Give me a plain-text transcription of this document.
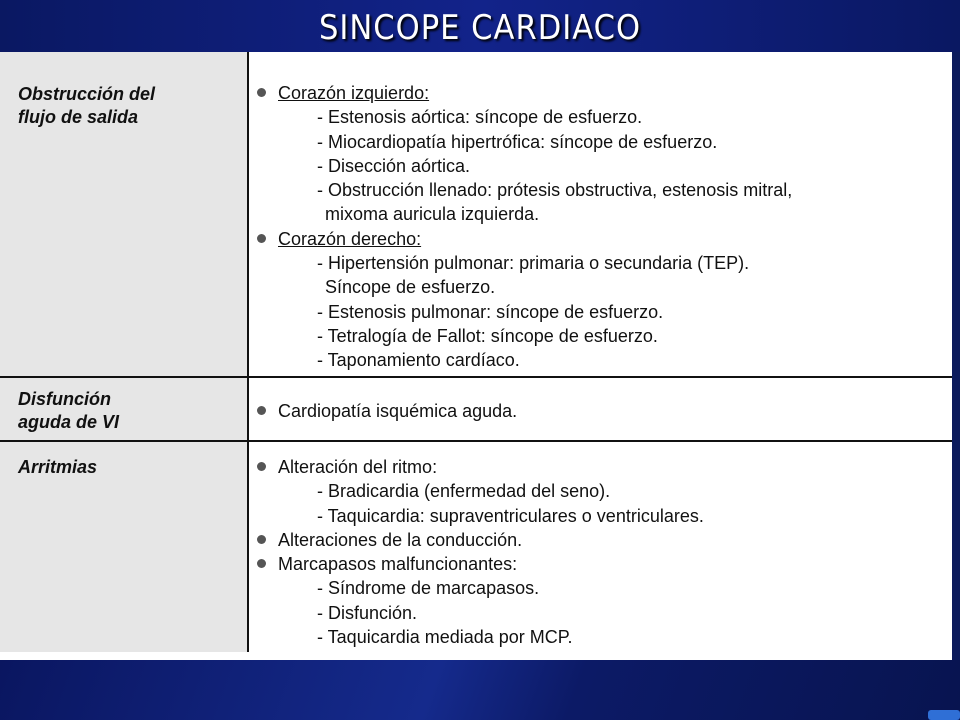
SINCOPE CARDIACO
Obstrucción del
flujo de salida
Corazón izquierdo:
- Estenosis aórtica: síncope de esfuerzo.
- Miocardiopatía hipertrófica: síncope de esfuerzo.
- Disección aórtica.
- Obstrucción llenado: prótesis obstructiva, estenosis mitral,
mixoma auricula izquierda.
Corazón derecho:
- Hipertensión pulmonar: primaria o secundaria (TEP).
Síncope de esfuerzo.
- Estenosis pulmonar: síncope de esfuerzo.
- Tetralogía de Fallot: síncope de esfuerzo.
- Taponamiento cardíaco.
Disfunción
aguda de VI
Cardiopatía isquémica aguda.
Arritmias	Alteración del ritmo:
- Bradicardia (enfermedad del seno).
- Taquicardia: supraventriculares o ventriculares.
Alteraciones de la conducción.
Marcapasos malfuncionantes:
- Síndrome de marcapasos.
- Disfunción.
- Taquicardia mediada por MCP.
